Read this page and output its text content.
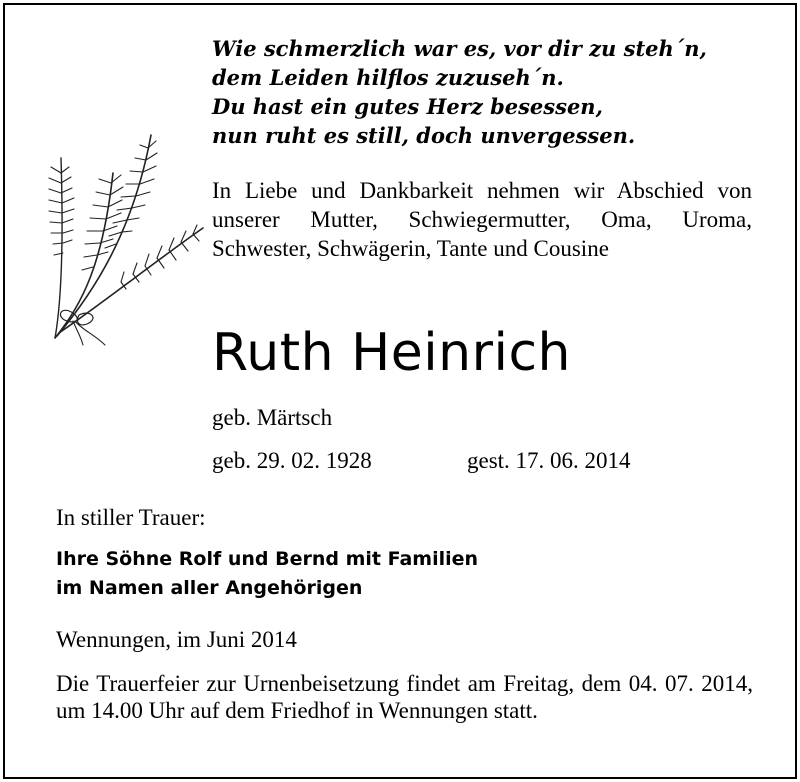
Wie schmerzlich war es, vor dir zu steh´n,
dem Leiden hilflos zuzuseh´n.
Du hast ein gutes Herz besessen,
nun ruht es still, doch unvergessen.
In Liebe und Dankbarkeit nehmen wir Abschied von unserer Mutter, Schwiegermutter, Oma, Uroma, Schwester, Schwägerin, Tante und Cousine
Ruth Heinrich
geb. Märtsch
geb. 29. 02. 1928	gest. 17. 06. 2014
In stiller Trauer:
Ihre Söhne Rolf und Bernd mit Familien
im Namen aller Angehörigen
Wennungen, im Juni 2014
Die Trauerfeier zur Urnenbeisetzung findet am Freitag, dem 04. 07. 2014, um 14.00 Uhr auf dem Friedhof in Wennungen statt.
